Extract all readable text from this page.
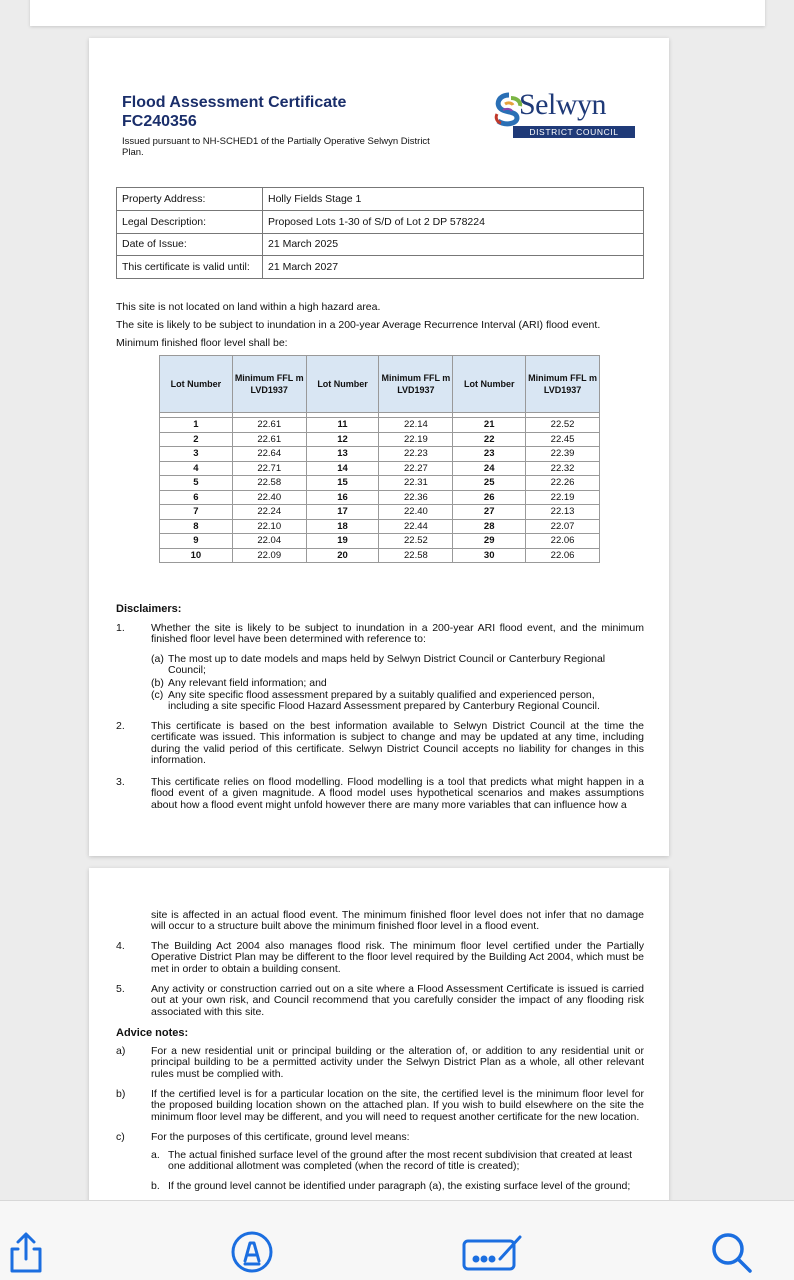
Flood Assessment Certificate
FC240356
Issued pursuant to NH-SCHED1 of the Partially Operative Selwyn District Plan.
Selwyn
DISTRICT COUNCIL
Property Address:	Holly Fields Stage 1
Legal Description:	Proposed Lots 1-30 of S/D of Lot 2 DP 578224
Date of Issue:	21 March 2025
This certificate is valid until:	21 March 2027
This site is not located on land within a high hazard area.
The site is likely to be subject to inundation in a 200-year Average Recurrence Interval (ARI) flood event.
Minimum finished floor level shall be:
Lot Number	Minimum FFL m LVD1937	Lot Number	Minimum FFL m LVD1937	Lot Number	Minimum FFL m LVD1937

1	22.61	11	22.14	21	22.52
2	22.61	12	22.19	22	22.45
3	22.64	13	22.23	23	22.39
4	22.71	14	22.27	24	22.32
5	22.58	15	22.31	25	22.26
6	22.40	16	22.36	26	22.19
7	22.24	17	22.40	27	22.13
8	22.10	18	22.44	28	22.07
9	22.04	19	22.52	29	22.06
10	22.09	20	22.58	30	22.06
Disclaimers:
1. Whether the site is likely to be subject to inundation in a 200-year ARI flood event, and the minimum finished floor level have been determined with reference to:
(a) The most up to date models and maps held by Selwyn District Council or Canterbury Regional Council;
(b) Any relevant field information; and
(c) Any site specific flood assessment prepared by a suitably qualified and experienced person, including a site specific Flood Hazard Assessment prepared by Canterbury Regional Council.
2. This certificate is based on the best information available to Selwyn District Council at the time the certificate was issued. This information is subject to change and may be updated at any time, including during the valid period of this certificate. Selwyn District Council accepts no liability for changes in this information.
3. This certificate relies on flood modelling. Flood modelling is a tool that predicts what might happen in a flood event of a given magnitude. A flood model uses hypothetical scenarios and makes assumptions about how a flood event might unfold however there are many more variables that can influence how a
site is affected in an actual flood event. The minimum finished floor level does not infer that no damage will occur to a structure built above the minimum finished floor level in a flood event.
4. The Building Act 2004 also manages flood risk. The minimum floor level certified under the Partially Operative District Plan may be different to the floor level required by the Building Act 2004, which must be met in order to obtain a building consent.
5. Any activity or construction carried out on a site where a Flood Assessment Certificate is issued is carried out at your own risk, and Council recommend that you carefully consider the impact of any flooding risk associated with this site.
Advice notes:
a) For a new residential unit or principal building or the alteration of, or addition to any residential unit or principal building to be a permitted activity under the Selwyn District Plan as a whole, all other relevant rules must be complied with.
b) If the certified level is for a particular location on the site, the certified level is the minimum floor level for the proposed building location shown on the attached plan. If you wish to build elsewhere on the site the minimum floor level may be different, and you will need to request another certificate for the new location.
c)	For the purposes of this certificate, ground level means:
a. The actual finished surface level of the ground after the most recent subdivision that created at least one additional allotment was completed (when the record of title is created);
b. If the ground level cannot be identified under paragraph (a), the existing surface level of the ground;
